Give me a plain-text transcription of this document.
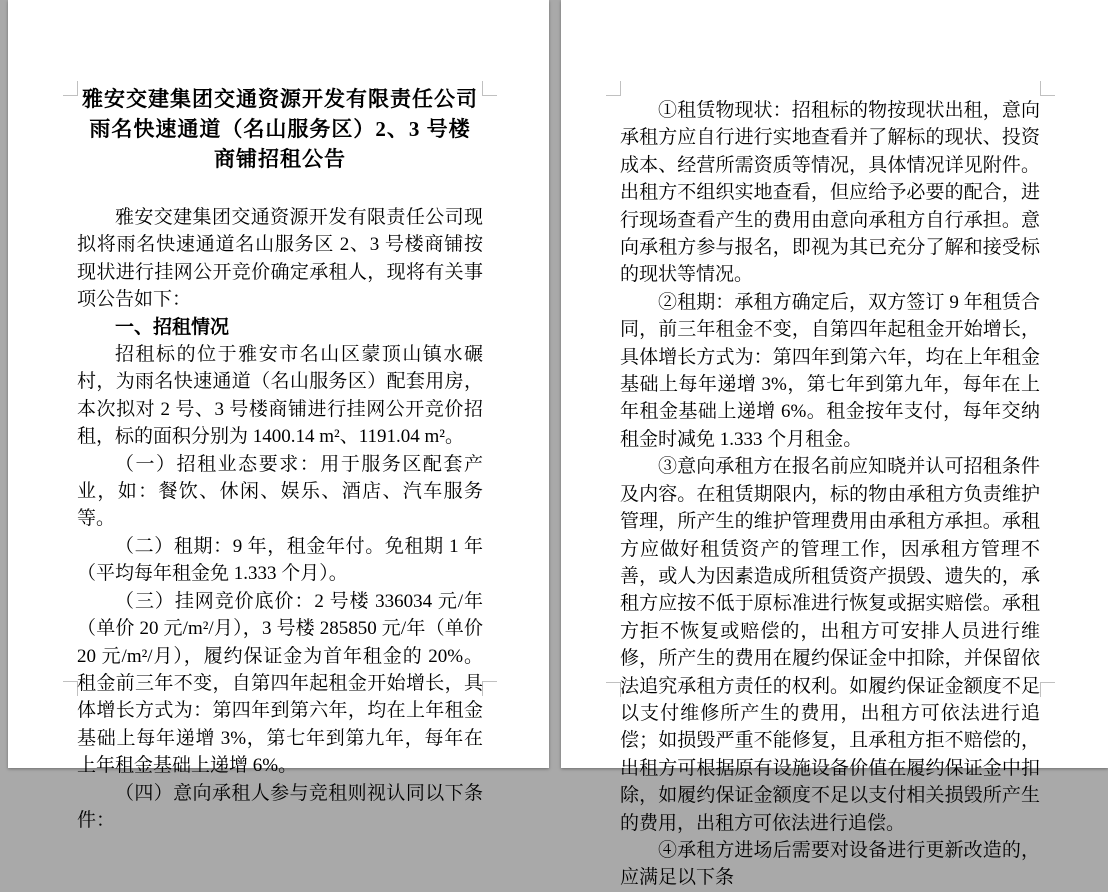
雅安交建集团交通资源开发有限责任公司
雨名快速通道（名山服务区）2、3 号楼
商铺招租公告

雅安交建集团交通资源开发有限责任公司现拟将雨名快速通道名山服务区 2、3 号楼商铺按现状进行挂网公开竞价确定承租人，现将有关事项公告如下：

一、招租情况

招租标的位于雅安市名山区蒙顶山镇水碾村，为雨名快速通道（名山服务区）配套用房，本次拟对 2 号、3 号楼商铺进行挂网公开竞价招租，标的面积分别为 1400.14 m²、1191.04 m²。

（一）招租业态要求：用于服务区配套产业，如：餐饮、休闲、娱乐、酒店、汽车服务等。

（二）租期：9 年，租金年付。免租期 1 年（平均每年租金免 1.333 个月）。

（三）挂网竞价底价：2 号楼 336034 元/年（单价 20 元/m²/月），3 号楼 285850 元/年（单价 20 元/m²/月），履约保证金为首年租金的 20%。租金前三年不变，自第四年起租金开始增长，具体增长方式为：第四年到第六年，均在上年租金基础上每年递增 3%，第七年到第九年，每年在上年租金基础上递增 6%。

（四）意向承租人参与竞租则视认同以下条件：

①租赁物现状：招租标的物按现状出租，意向承租方应自行进行实地查看并了解标的现状、投资成本、经营所需资质等情况，具体情况详见附件。出租方不组织实地查看，但应给予必要的配合，进行现场查看产生的费用由意向承租方自行承担。意向承租方参与报名，即视为其已充分了解和接受标的现状等情况。

②租期：承租方确定后，双方签订 9 年租赁合同，前三年租金不变，自第四年起租金开始增长，具体增长方式为：第四年到第六年，均在上年租金基础上每年递增 3%，第七年到第九年，每年在上年租金基础上递增 6%。租金按年支付，每年交纳租金时减免 1.333 个月租金。

③意向承租方在报名前应知晓并认可招租条件及内容。在租赁期限内，标的物由承租方负责维护管理，所产生的维护管理费用由承租方承担。承租方应做好租赁资产的管理工作，因承租方管理不善，或人为因素造成所租赁资产损毁、遗失的，承租方应按不低于原标准进行恢复或据实赔偿。承租方拒不恢复或赔偿的，出租方可安排人员进行维修，所产生的费用在履约保证金中扣除，并保留依法追究承租方责任的权利。如履约保证金额度不足以支付维修所产生的费用，出租方可依法进行追偿；如损毁严重不能修复，且承租方拒不赔偿的，出租方可根据原有设施设备价值在履约保证金中扣除，如履约保证金额度不足以支付相关损毁所产生的费用，出租方可依法进行追偿。

④承租方进场后需要对设备进行更新改造的，应满足以下条
